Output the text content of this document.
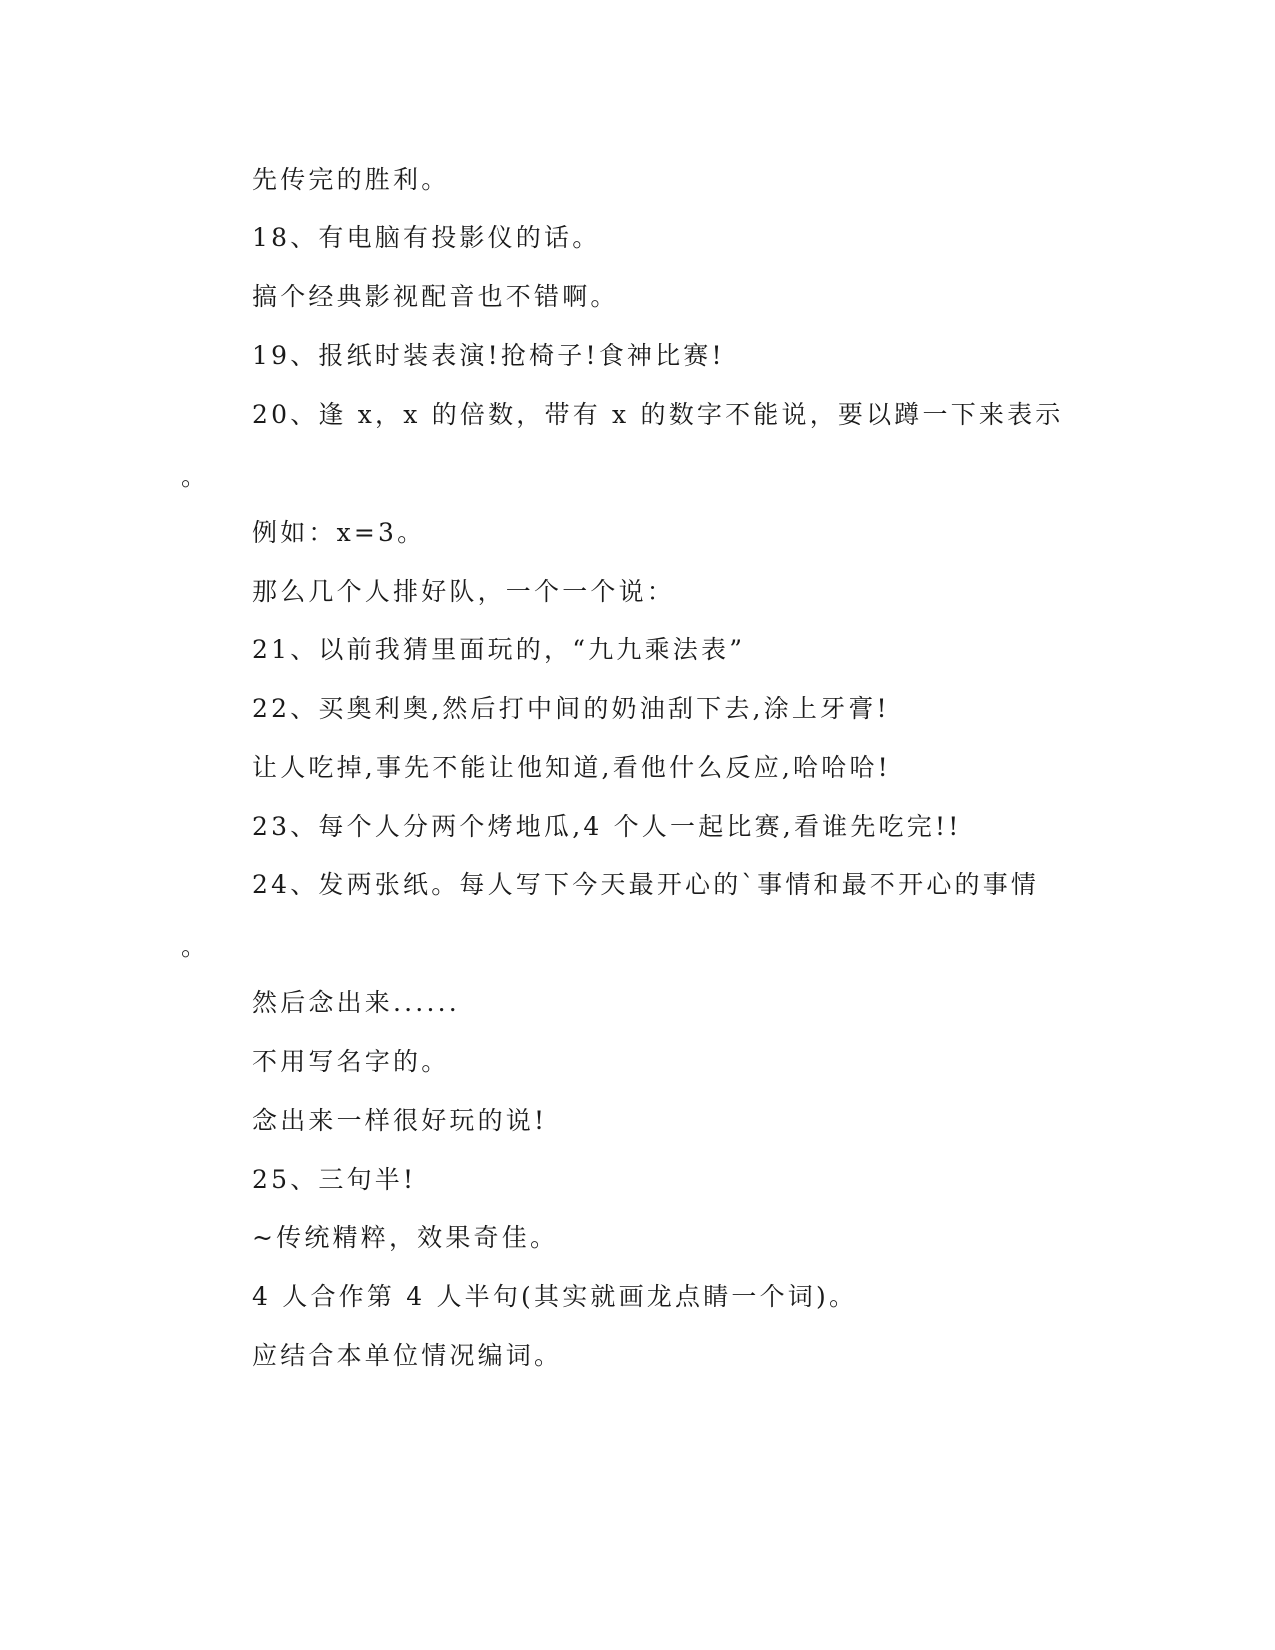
先传完的胜利。
18、有电脑有投影仪的话。
搞个经典影视配音也不错啊。
19、报纸时装表演!抢椅子!食神比赛!
20、逢 x，x 的倍数，带有 x 的数字不能说，要以蹲一下来表示
。
例如：x=3。
那么几个人排好队，一个一个说：
21、以前我猜里面玩的，“九九乘法表”
22、买奥利奥,然后打中间的奶油刮下去,涂上牙膏!
让人吃掉,事先不能让他知道,看他什么反应,哈哈哈!
23、每个人分两个烤地瓜,4 个人一起比赛,看谁先吃完!!
24、发两张纸。每人写下今天最开心的`事情和最不开心的事情
。
然后念出来......
不用写名字的。
念出来一样很好玩的说!
25、三句半!
~传统精粹，效果奇佳。
4 人合作第 4 人半句(其实就画龙点睛一个词)。
应结合本单位情况编词。
